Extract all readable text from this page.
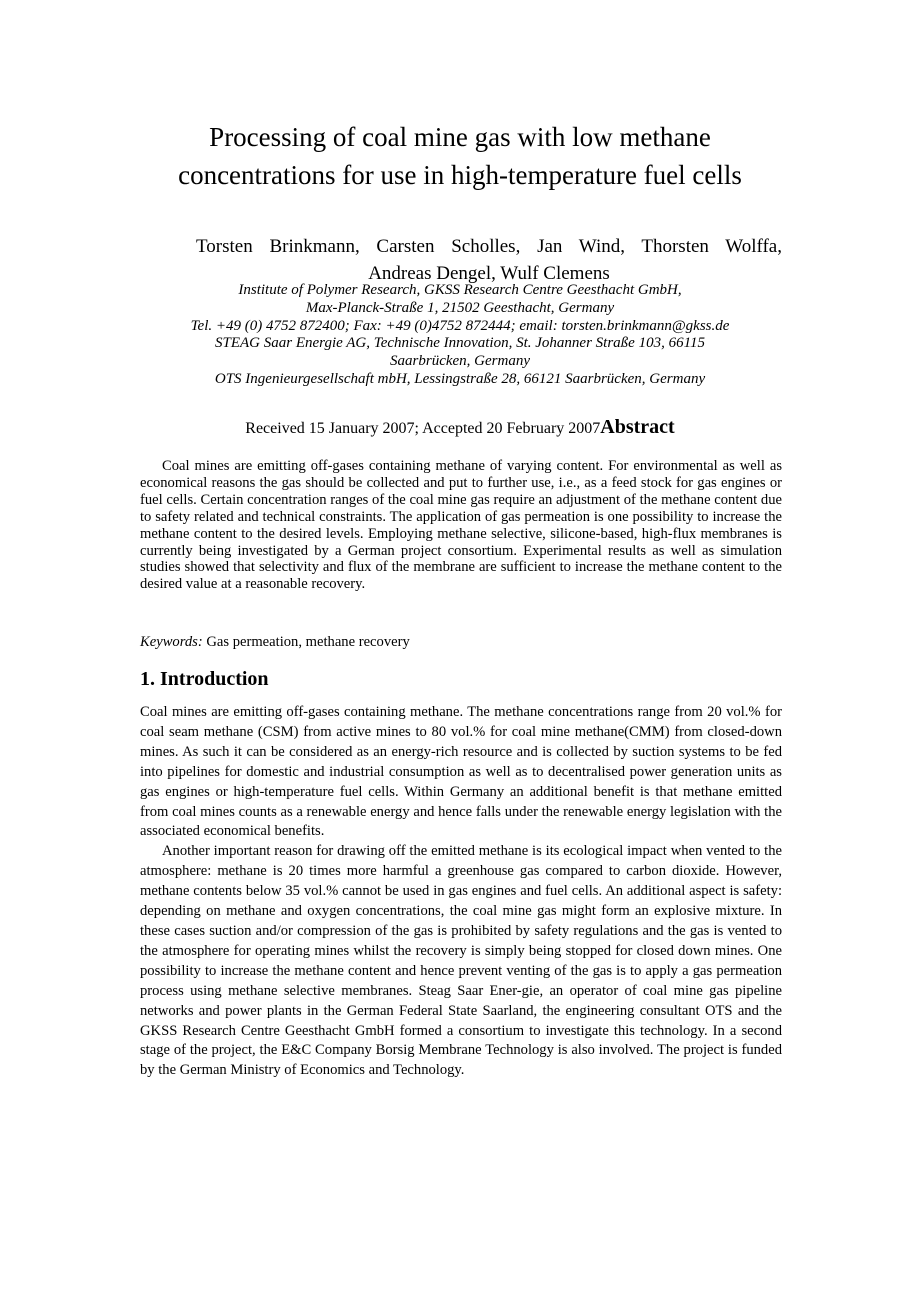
Processing of coal mine gas with low methane
concentrations for use in high-temperature fuel cells
Torsten Brinkmann, Carsten Scholles, Jan Wind, Thorsten Wolffa,
Andreas Dengel, Wulf Clemens
Institute of Polymer Research, GKSS Research Centre Geesthacht GmbH,
Max-Planck-Straße 1, 21502 Geesthacht, Germany
Tel. +49 (0) 4752 872400; Fax: +49 (0)4752 872444; email: torsten.brinkmann@gkss.de
STEAG Saar Energie AG, Technische Innovation, St. Johanner Straße 103, 66115
Saarbrücken, Germany
OTS Ingenieurgesellschaft mbH, Lessingstraße 28, 66121 Saarbrücken, Germany
Received 15 January 2007; Accepted 20 February 2007Abstract

Coal mines are emitting off-gases containing methane of varying content. For environmental as well as economical reasons the gas should be collected and put to further use, i.e., as a feed stock for gas engines or fuel cells. Certain concentration ranges of the coal mine gas require an adjustment of the methane content due to safety related and technical constraints. The application of gas permeation is one possibility to increase the methane content to the desired levels. Employing methane selective, silicone-based, high-flux membranes is currently being investigated by a German project consortium. Experimental results as well as simulation studies showed that selectivity and flux of the membrane are sufficient to increase the methane content to the desired value at a reasonable recovery.

Keywords: Gas permeation, methane recovery

1. Introduction

Coal mines are emitting off-gases containing methane. The methane concentrations range from 20 vol.% for coal seam methane (CSM) from active mines to 80 vol.% for coal mine methane(CMM) from closed-down mines. As such it can be considered as an energy-rich resource and is collected by suction systems to be fed into pipelines for domestic and industrial consumption as well as to decentralised power generation units as gas engines or high-temperature fuel cells. Within Germany an additional benefit is that methane emitted from coal mines counts as a renewable energy and hence falls under the renewable energy legislation with the associated economical benefits.

Another important reason for drawing off the emitted methane is its ecological impact when vented to the atmosphere: methane is 20 times more harmful a greenhouse gas compared to carbon dioxide. However, methane contents below 35 vol.% cannot be used in gas engines and fuel cells. An additional aspect is safety: depending on methane and oxygen concentrations, the coal mine gas might form an explosive mixture. In these cases suction and/or compression of the gas is prohibited by safety regulations and the gas is vented to the atmosphere for operating mines whilst the recovery is simply being stopped for closed down mines. One possibility to increase the methane content and hence prevent venting of the gas is to apply a gas permeation process using methane selective membranes. Steag Saar Ener-gie, an operator of coal mine gas pipeline networks and power plants in the German Federal State Saarland, the engineering consultant OTS and the GKSS Research Centre Geesthacht GmbH formed a consortium to investigate this technology. In a second stage of the project, the E&C Company Borsig Membrane Technology is also involved. The project is funded by the German Ministry of Economics and Technology.
